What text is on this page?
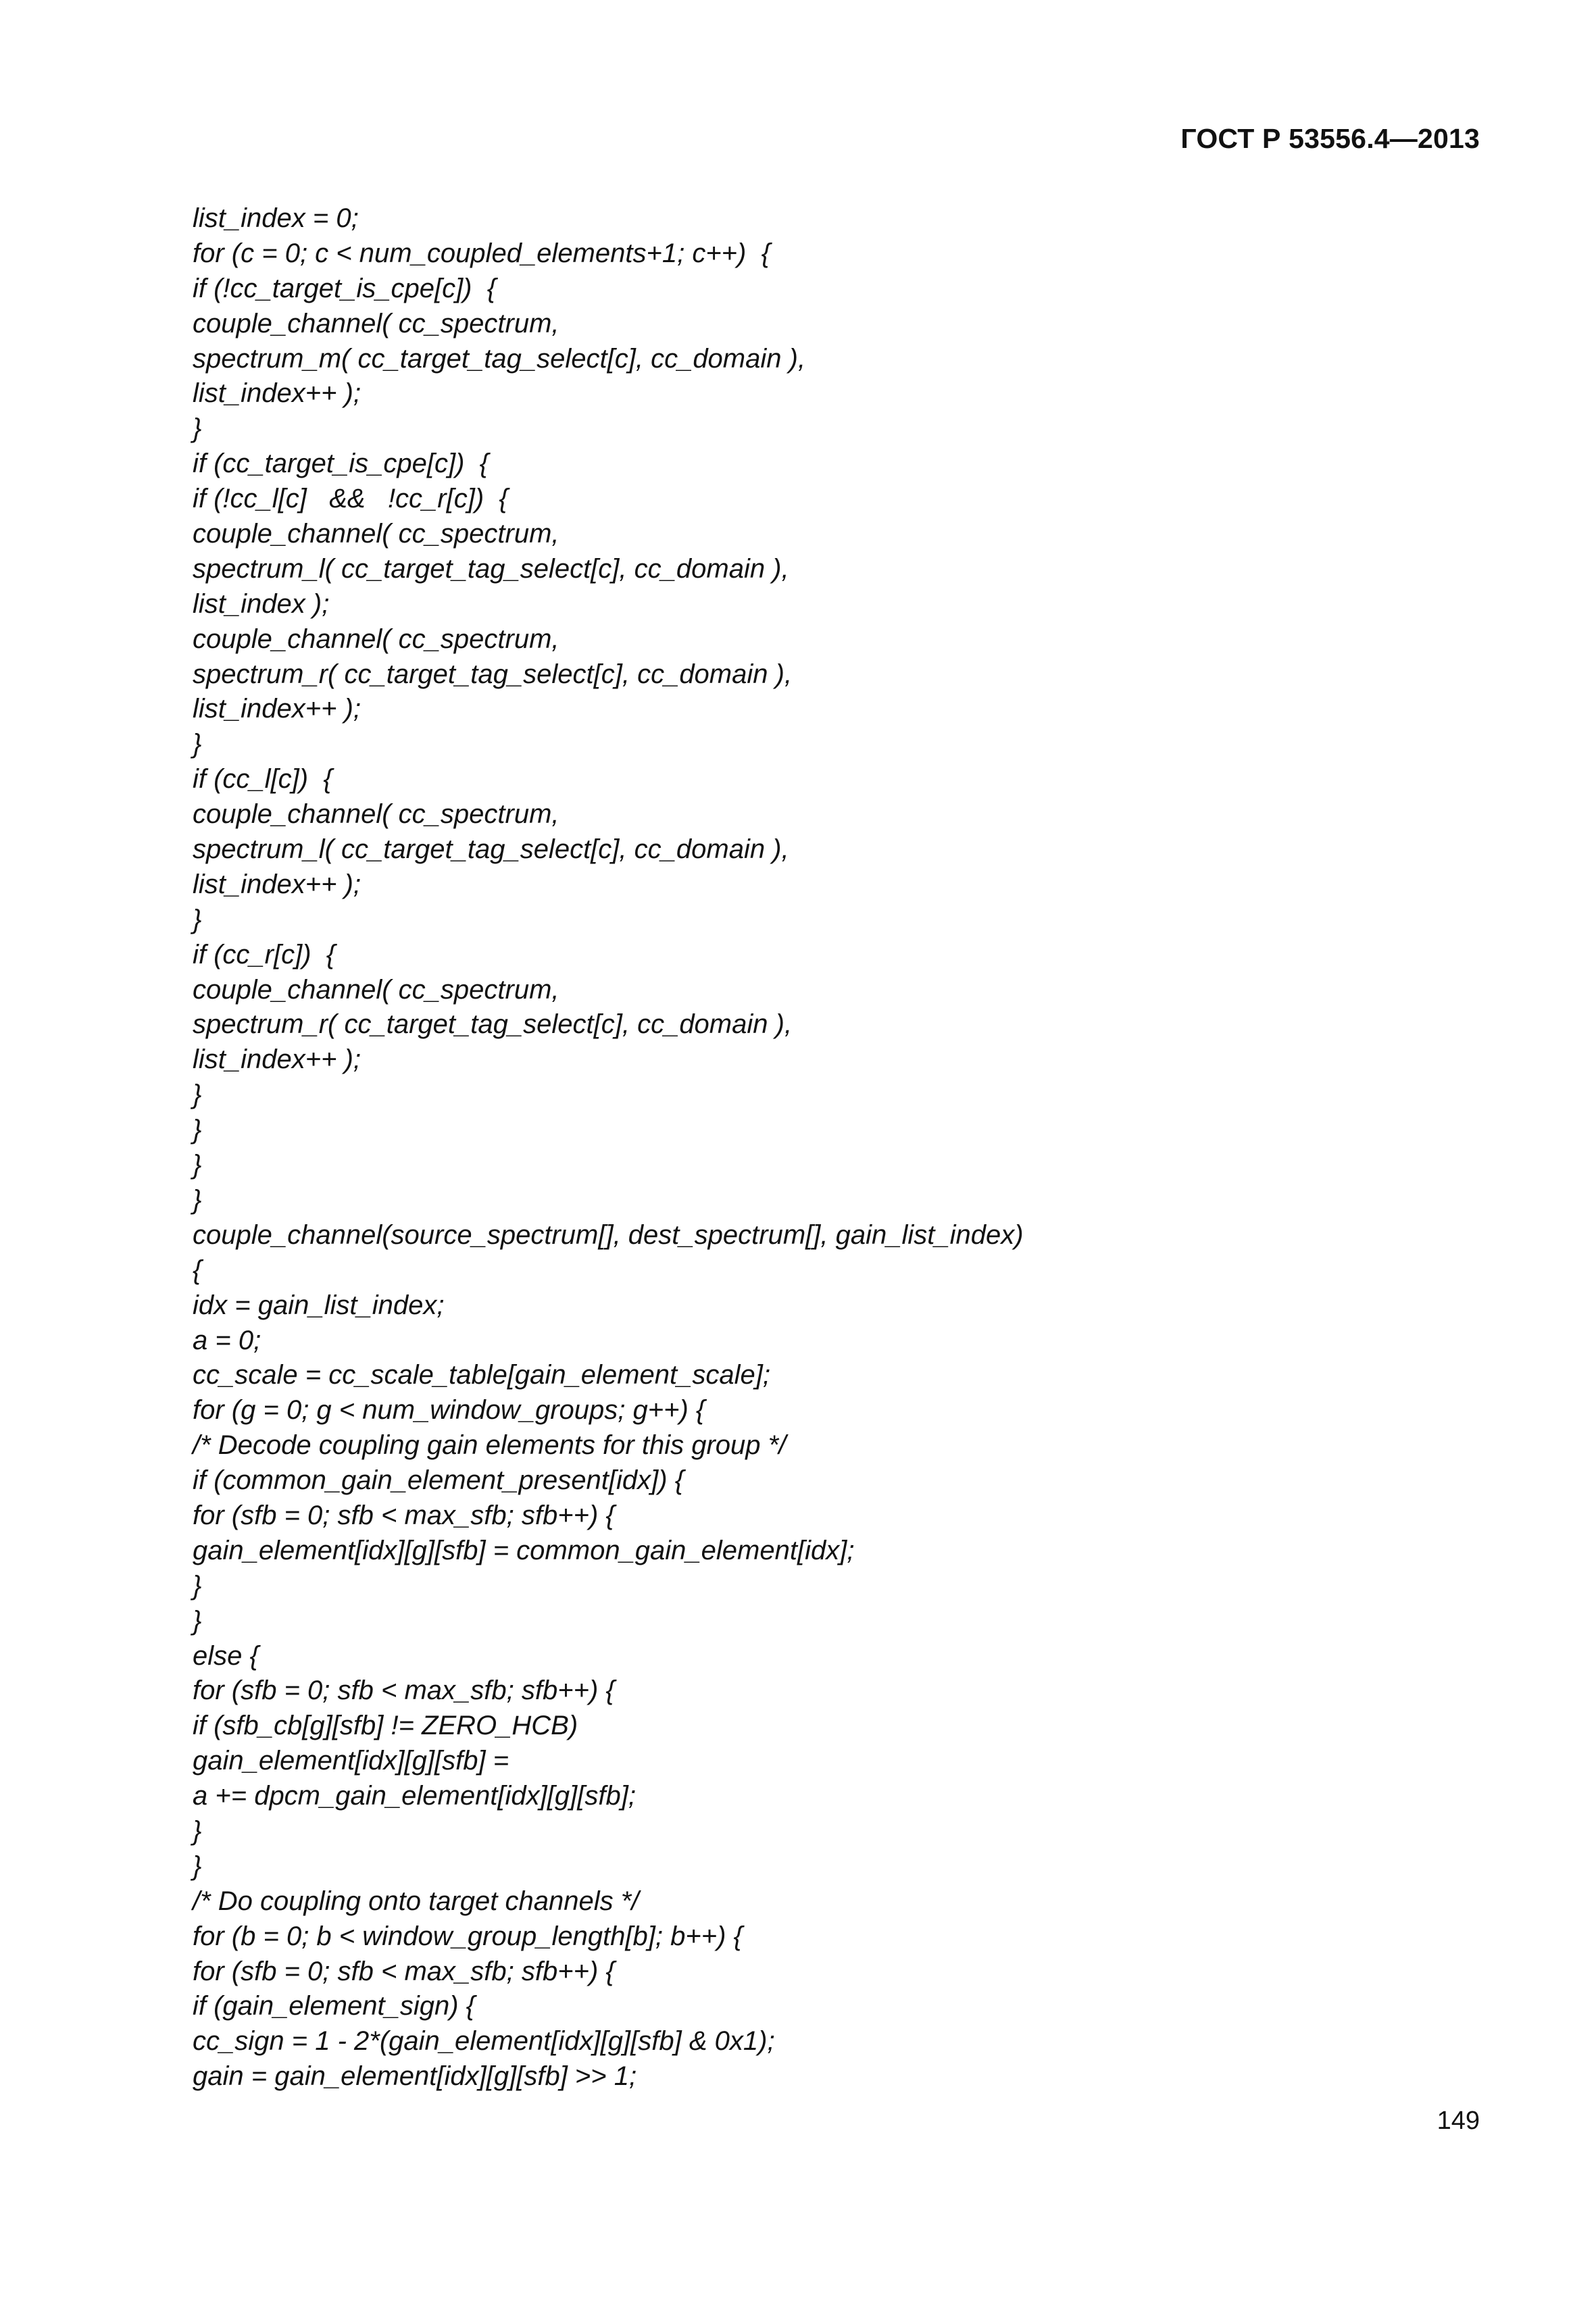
ГОСТ Р 53556.4—2013
list_index = 0;
for (c = 0; c < num_coupled_elements+1; c++)  {
if (!cc_target_is_cpe[c])  {
couple_channel( cc_spectrum,
spectrum_m( cc_target_tag_select[c], cc_domain ),
list_index++ );
}
if (cc_target_is_cpe[c])  {
if (!cc_l[c]   &&   !cc_r[c])  {
couple_channel( cc_spectrum,
spectrum_l( cc_target_tag_select[c], cc_domain ),
list_index );
couple_channel( cc_spectrum,
spectrum_r( cc_target_tag_select[c], cc_domain ),
list_index++ );
}
if (cc_l[c])  {
couple_channel( cc_spectrum,
spectrum_l( cc_target_tag_select[c], cc_domain ),
list_index++ );
}
if (cc_r[c])  {
couple_channel( cc_spectrum,
spectrum_r( cc_target_tag_select[c], cc_domain ),
list_index++ );
}
}
}
}
couple_channel(source_spectrum[], dest_spectrum[], gain_list_index)
{
idx = gain_list_index;
a = 0;
cc_scale = cc_scale_table[gain_element_scale];
for (g = 0; g < num_window_groups; g++) {
/* Decode coupling gain elements for this group */
if (common_gain_element_present[idx]) {
for (sfb = 0; sfb < max_sfb; sfb++) {
gain_element[idx][g][sfb] = common_gain_element[idx];
}
}
else {
for (sfb = 0; sfb < max_sfb; sfb++) {
if (sfb_cb[g][sfb] != ZERO_HCB)
gain_element[idx][g][sfb] =
a += dpcm_gain_element[idx][g][sfb];
}
}
/* Do coupling onto target channels */
for (b = 0; b < window_group_length[b]; b++) {
for (sfb = 0; sfb < max_sfb; sfb++) {
if (gain_element_sign) {
cc_sign = 1 - 2*(gain_element[idx][g][sfb] & 0x1);
gain = gain_element[idx][g][sfb] >> 1;
149
